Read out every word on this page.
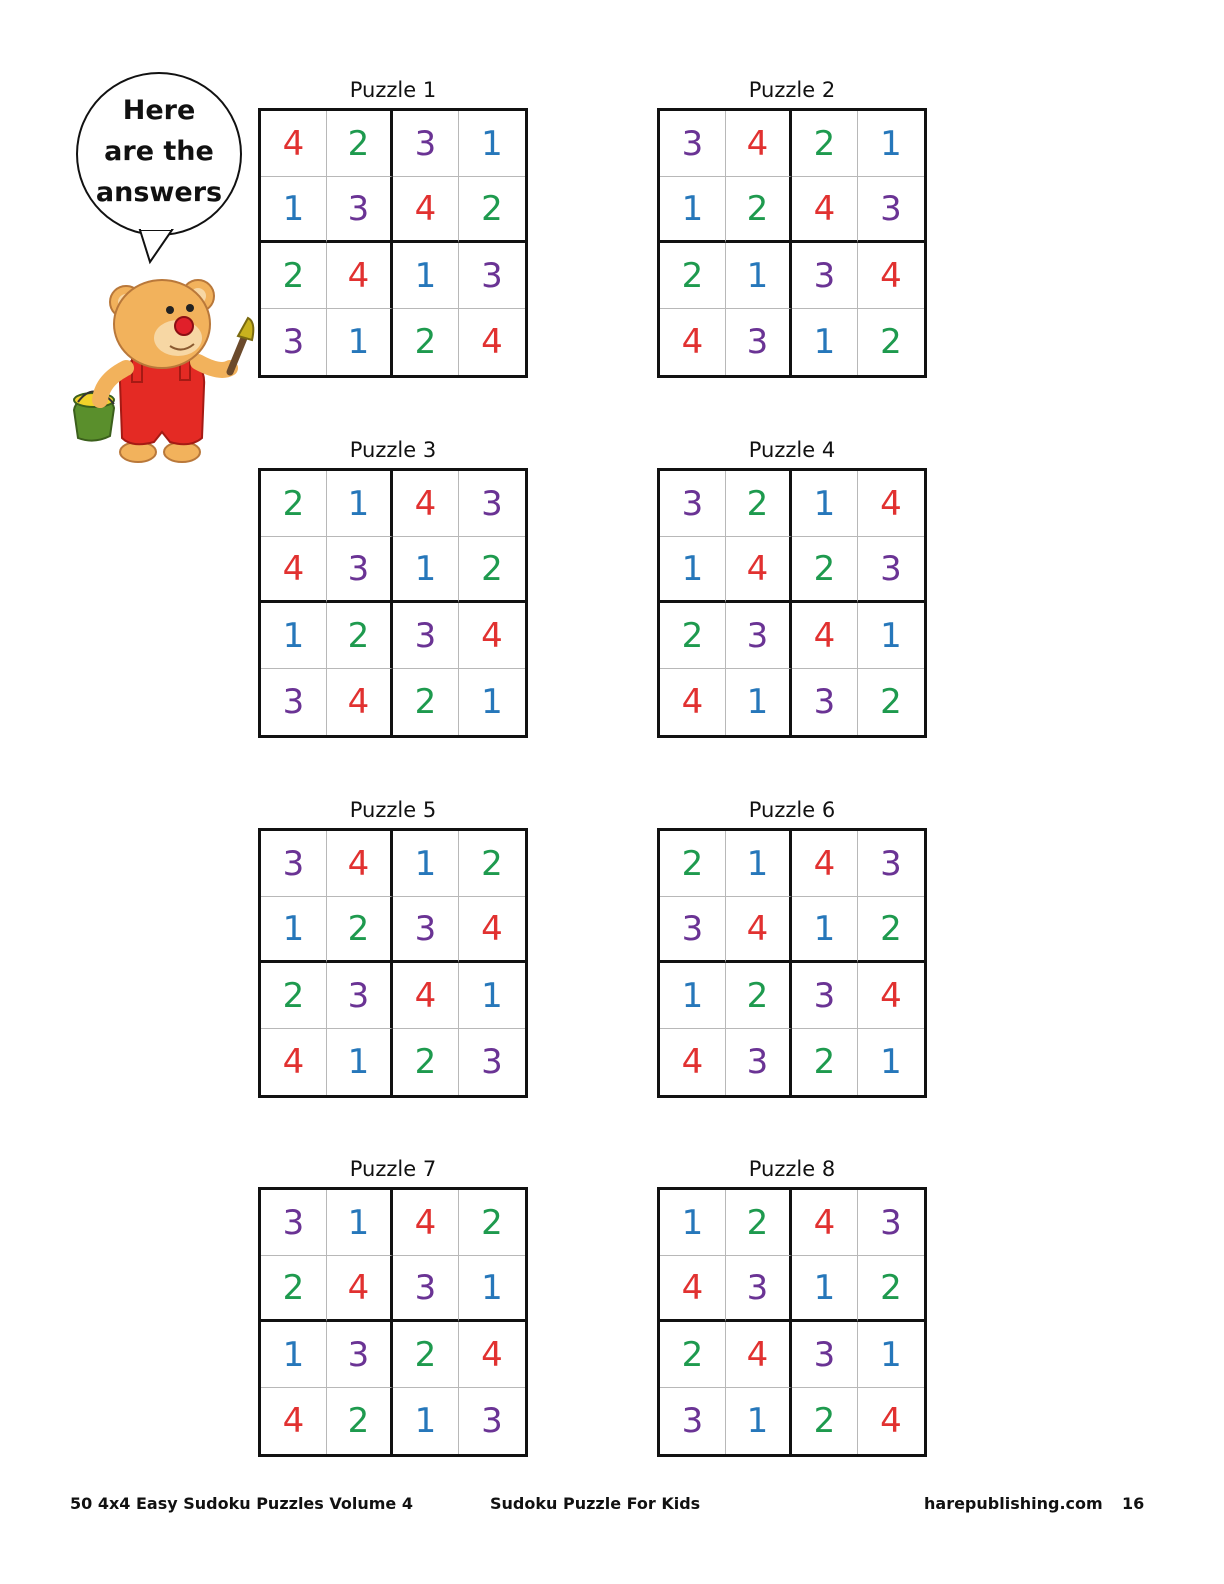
Here
are the
answers
Puzzle 1
4	2	3	1
1	3	4	2
2	4	1	3
3	1	2	4
Puzzle 2
3	4	2	1
1	2	4	3
2	1	3	4
4	3	1	2
Puzzle 3
2	1	4	3
4	3	1	2
1	2	3	4
3	4	2	1
Puzzle 4
3	2	1	4
1	4	2	3
2	3	4	1
4	1	3	2
Puzzle 5
3	4	1	2
1	2	3	4
2	3	4	1
4	1	2	3
Puzzle 6
2	1	4	3
3	4	1	2
1	2	3	4
4	3	2	1
Puzzle 7
3	1	4	2
2	4	3	1
1	3	2	4
4	2	1	3
Puzzle 8
1	2	4	3
4	3	1	2
2	4	3	1
3	1	2	4
50 4x4 Easy Sudoku Puzzles Volume 4	Sudoku Puzzle For Kids	harepublishing.com 16
